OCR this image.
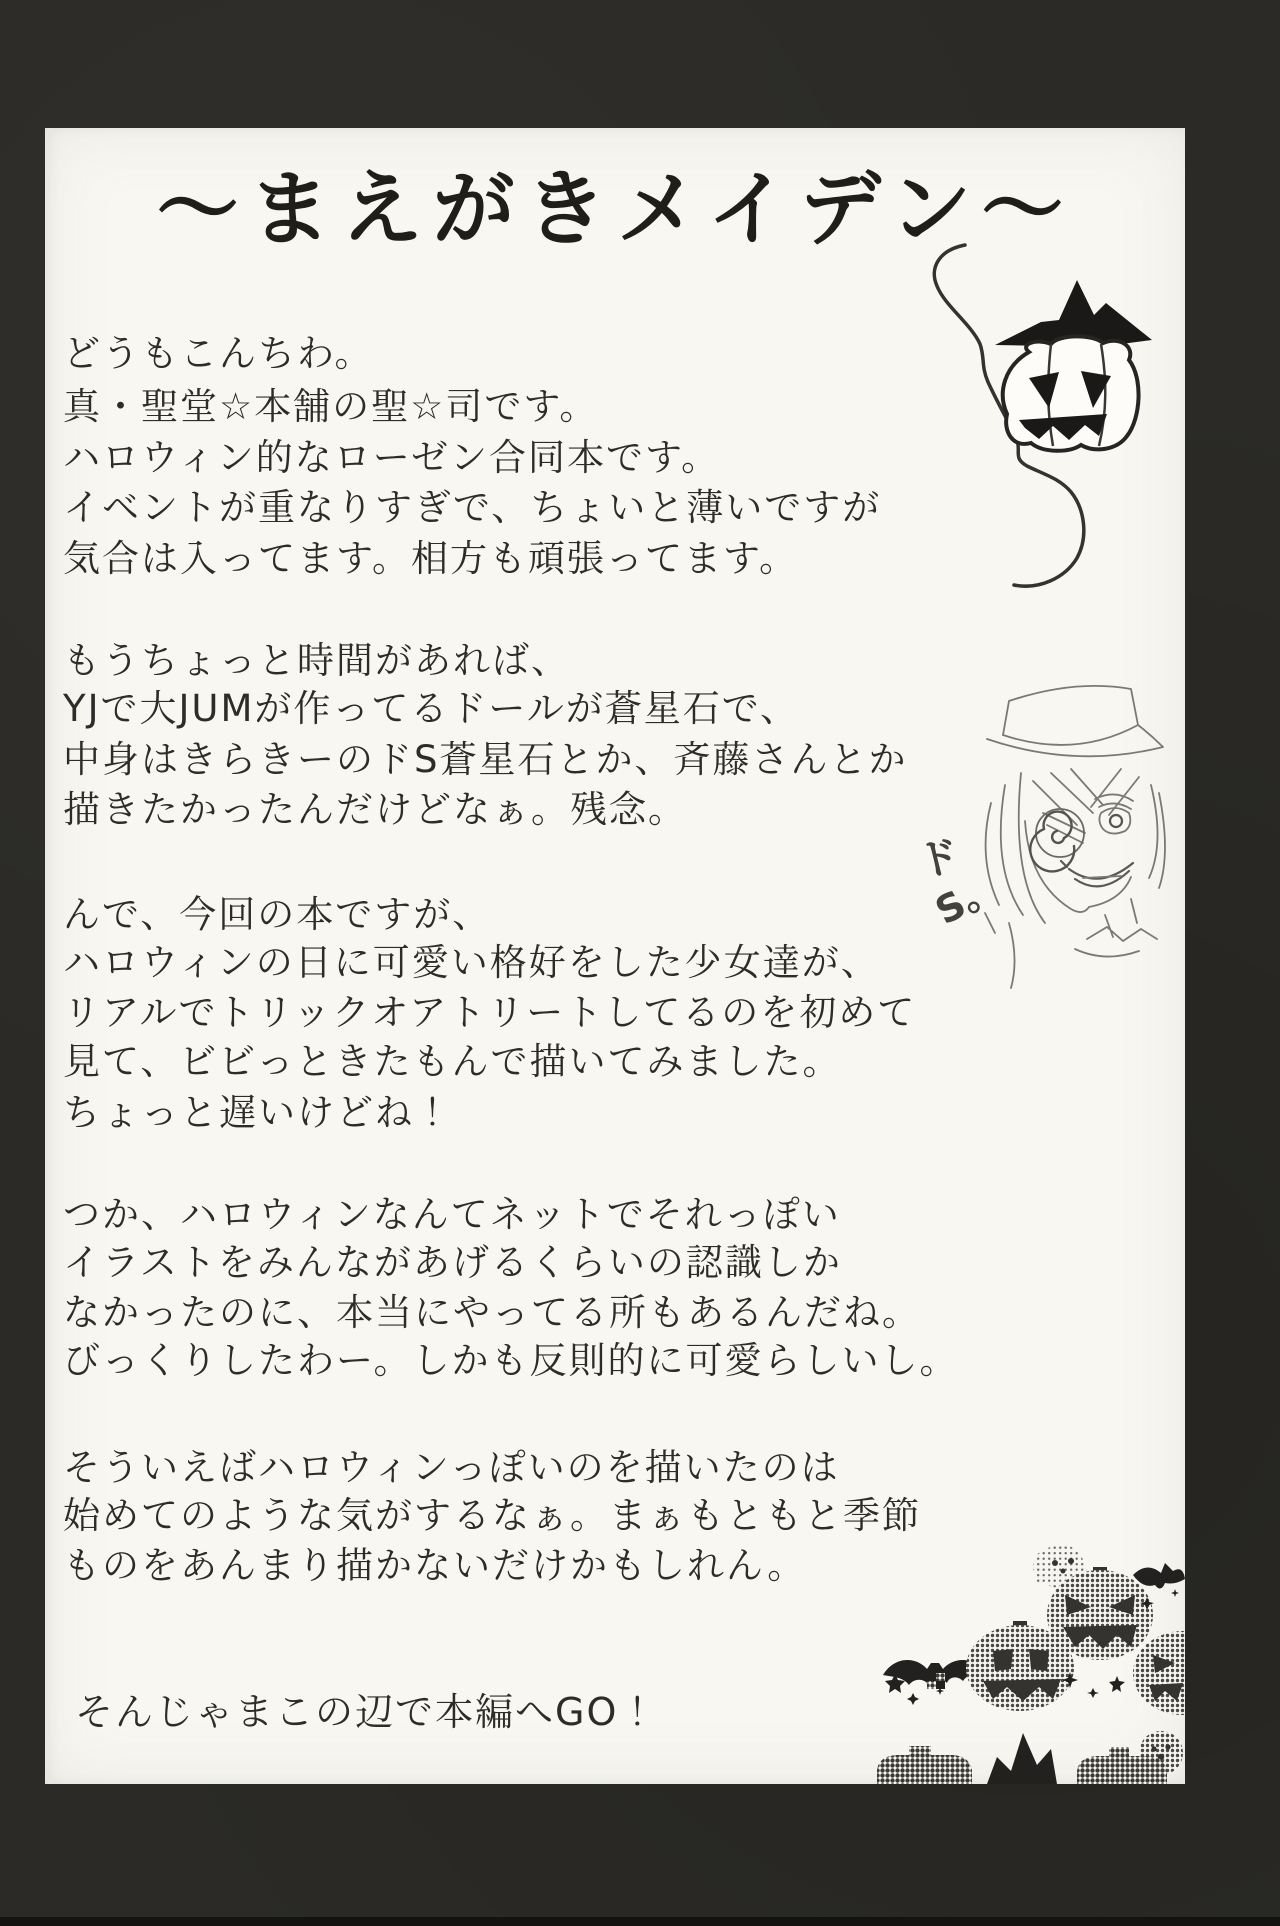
～まえがきメイデン～
どうもこんちわ。
真・聖堂☆本舗の聖☆司です。
ハロウィン的なローゼン合同本です。
イベントが重なりすぎで、ちょいと薄いですが
気合は入ってます。相方も頑張ってます。
もうちょっと時間があれば、
YJで大JUMが作ってるドールが蒼星石で、
中身はきらきーのドS蒼星石とか、斉藤さんとか
描きたかったんだけどなぁ。残念。
んで、今回の本ですが、
ハロウィンの日に可愛い格好をした少女達が、
リアルでトリックオアトリートしてるのを初めて
見て、ビビっときたもんで描いてみました。
ちょっと遅いけどね！
つか、ハロウィンなんてネットでそれっぽい
イラストをみんながあげるくらいの認識しか
なかったのに、本当にやってる所もあるんだね。
びっくりしたわー。しかも反則的に可愛らしいし。
そういえばハロウィンっぽいのを描いたのは
始めてのような気がするなぁ。まぁもともと季節
ものをあんまり描かないだけかもしれん。
そんじゃまこの辺で本編へGO！
ド
S。
